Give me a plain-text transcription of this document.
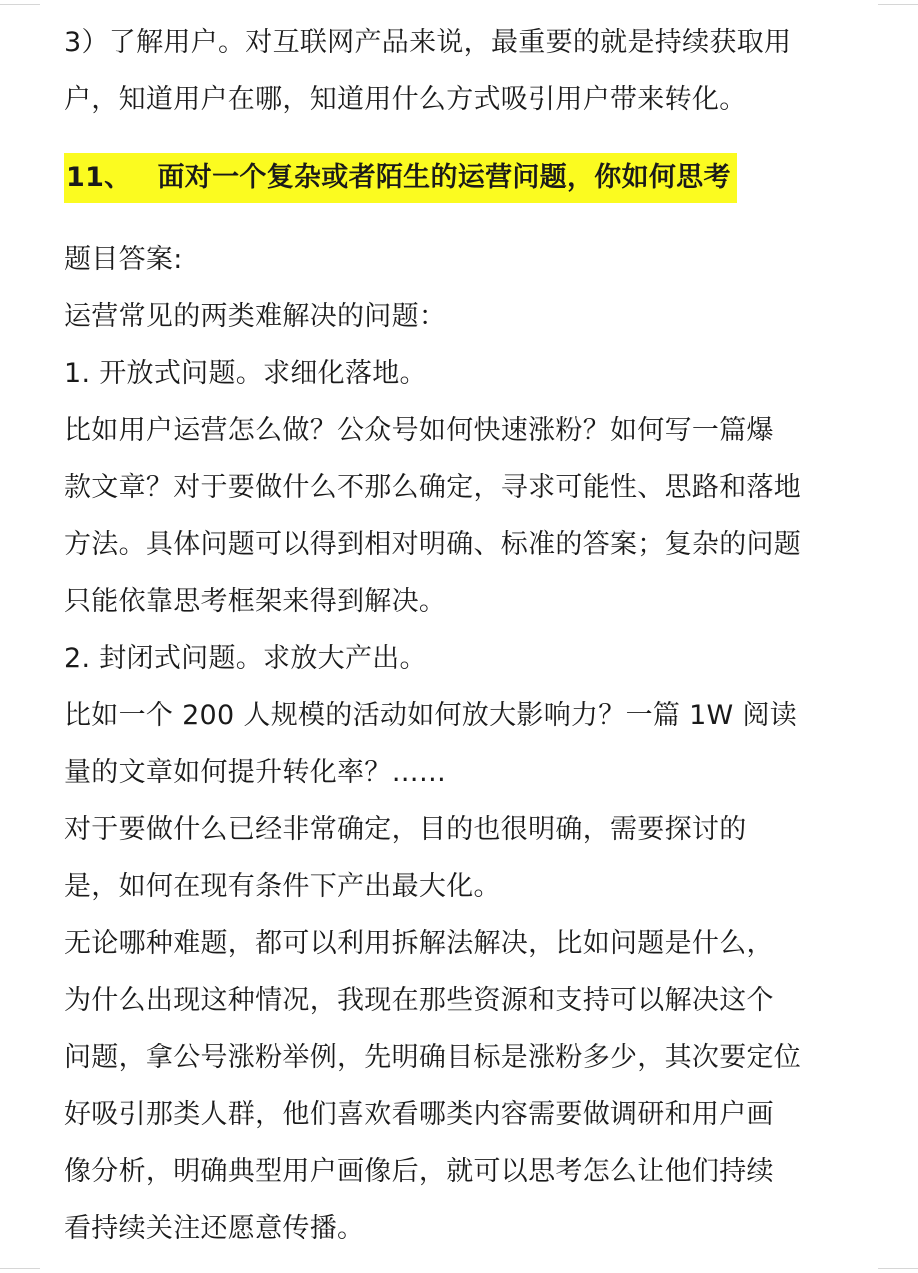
3）了解用户。对互联网产品来说，最重要的就是持续获取用
户，知道用户在哪，知道用什么方式吸引用户带来转化。
11、 面对一个复杂或者陌生的运营问题，你如何思考
题目答案:
运营常见的两类难解决的问题：
1. 开放式问题。求细化落地。
比如用户运营怎么做？公众号如何快速涨粉？如何写一篇爆
款文章？对于要做什么不那么确定，寻求可能性、思路和落地
方法。具体问题可以得到相对明确、标准的答案；复杂的问题
只能依靠思考框架来得到解决。
2. 封闭式问题。求放大产出。
比如一个 200 人规模的活动如何放大影响力？一篇 1W 阅读
量的文章如何提升转化率？……
对于要做什么已经非常确定，目的也很明确，需要探讨的
是，如何在现有条件下产出最大化。
无论哪种难题，都可以利用拆解法解决，比如问题是什么，
为什么出现这种情况，我现在那些资源和支持可以解决这个
问题，拿公号涨粉举例，先明确目标是涨粉多少，其次要定位
好吸引那类人群，他们喜欢看哪类内容需要做调研和用户画
像分析，明确典型用户画像后，就可以思考怎么让他们持续
看持续关注还愿意传播。
